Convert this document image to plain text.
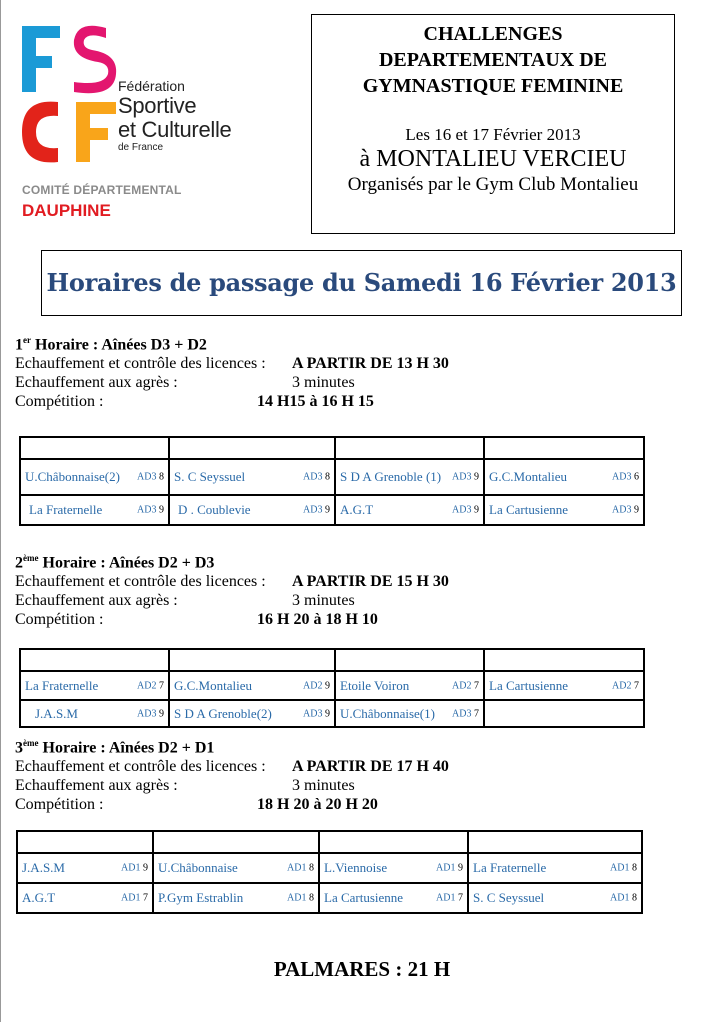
Fédération
Sportive
et Culturelle
de France
COMITÉ DÉPARTEMENTAL
DAUPHINE
CHALLENGES
DEPARTEMENTAUX DE
GYMNASTIQUE FEMININE
Les 16 et 17 Février 2013
à MONTALIEU VERCIEU
Organisés par le Gym Club Montalieu
Horaires de passage du Samedi 16 Février 2013
1er Horaire : Aînées D3 + D2
Echauffement et contrôle des licences : A PARTIR DE 13 H 30
Echauffement aux agrès :	3 minutes
Compétition :	14 H15 à 16 H 15

U.Châbonnaise(2) AD3 8	S. C Seyssuel AD3 8	S D A Grenoble (1) AD3 9	G.C.Montalieu AD3 6

La Fraternelle AD3 9	D . Coublevie AD3 9	A.G.T AD3 9	La Cartusienne AD3 9
2ème Horaire : Aînées D2 + D3
Echauffement et contrôle des licences : A PARTIR DE 15 H 30
Echauffement aux agrès :	3 minutes
Compétition :	16 H 20 à 18 H 10

La Fraternelle AD2 7	G.C.Montalieu AD2 9	Etoile Voiron AD2 7	La Cartusienne AD2 7

J.A.S.M AD3 9	S D A Grenoble(2) AD3 9	U.Châbonnaise(1) AD3 7	

3ème Horaire : Aînées D2 + D1
Echauffement et contrôle des licences : A PARTIR DE 17 H 40
Echauffement aux agrès :	3 minutes
Compétition :	18 H 20 à 20 H 20

J.A.S.M AD1 9	U.Châbonnaise AD1 8	L.Viennoise AD1 9	La Fraternelle AD1 8

A.G.T AD1 7	P.Gym Estrablin AD1 8	La Cartusienne AD1 7	S. C Seyssuel AD1 8
PALMARES : 21 H
